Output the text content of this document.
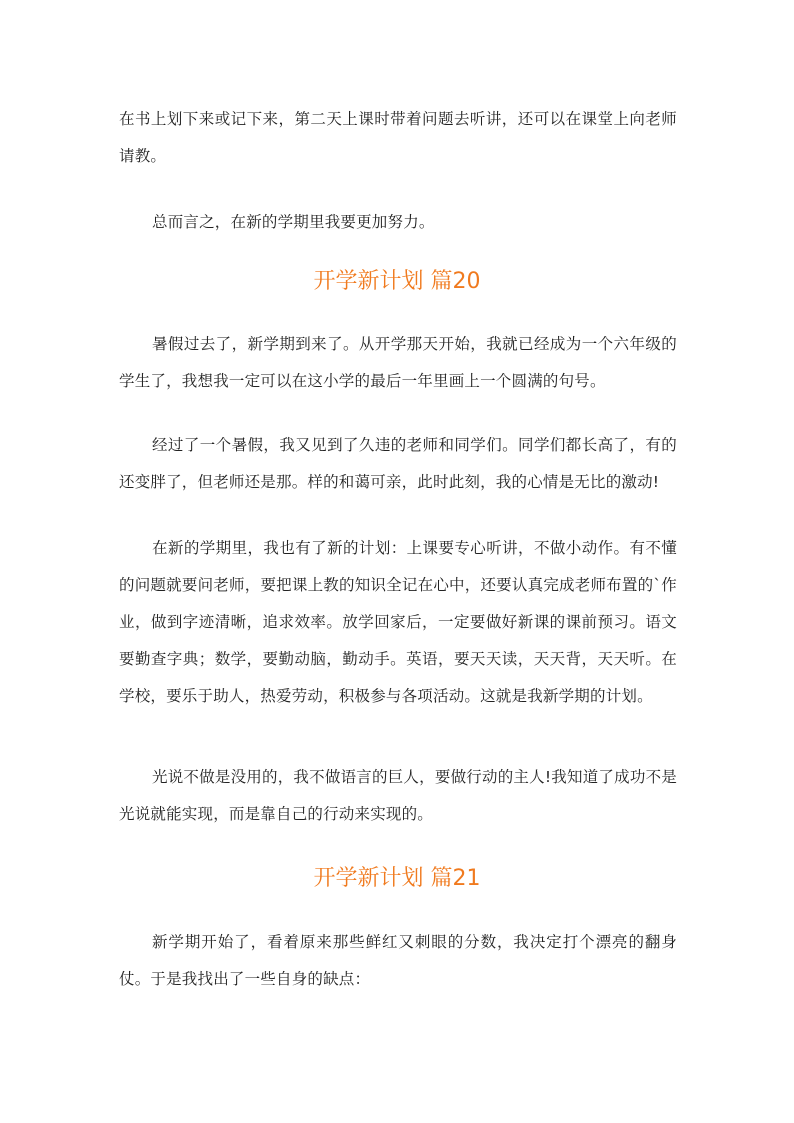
在书上划下来或记下来，第二天上课时带着问题去听讲，还可以在课堂上向老师请教。

总而言之，在新的学期里我要更加努力。

开学新计划 篇20

暑假过去了，新学期到来了。从开学那天开始，我就已经成为一个六年级的学生了，我想我一定可以在这小学的最后一年里画上一个圆满的句号。

经过了一个暑假，我又见到了久违的老师和同学们。同学们都长高了，有的还变胖了，但老师还是那。样的和蔼可亲，此时此刻，我的心情是无比的激动!

在新的学期里，我也有了新的计划：上课要专心听讲，不做小动作。有不懂的问题就要问老师，要把课上教的知识全记在心中，还要认真完成老师布置的`作业，做到字迹清晰，追求效率。放学回家后，一定要做好新课的课前预习。语文要勤查字典；数学，要勤动脑，勤动手。英语，要天天读，天天背，天天听。在学校，要乐于助人，热爱劳动，积极参与各项活动。这就是我新学期的计划。

光说不做是没用的，我不做语言的巨人，要做行动的主人!我知道了成功不是光说就能实现，而是靠自己的行动来实现的。

开学新计划 篇21

新学期开始了，看着原来那些鲜红又刺眼的分数，我决定打个漂亮的翻身仗。于是我找出了一些自身的缺点：
